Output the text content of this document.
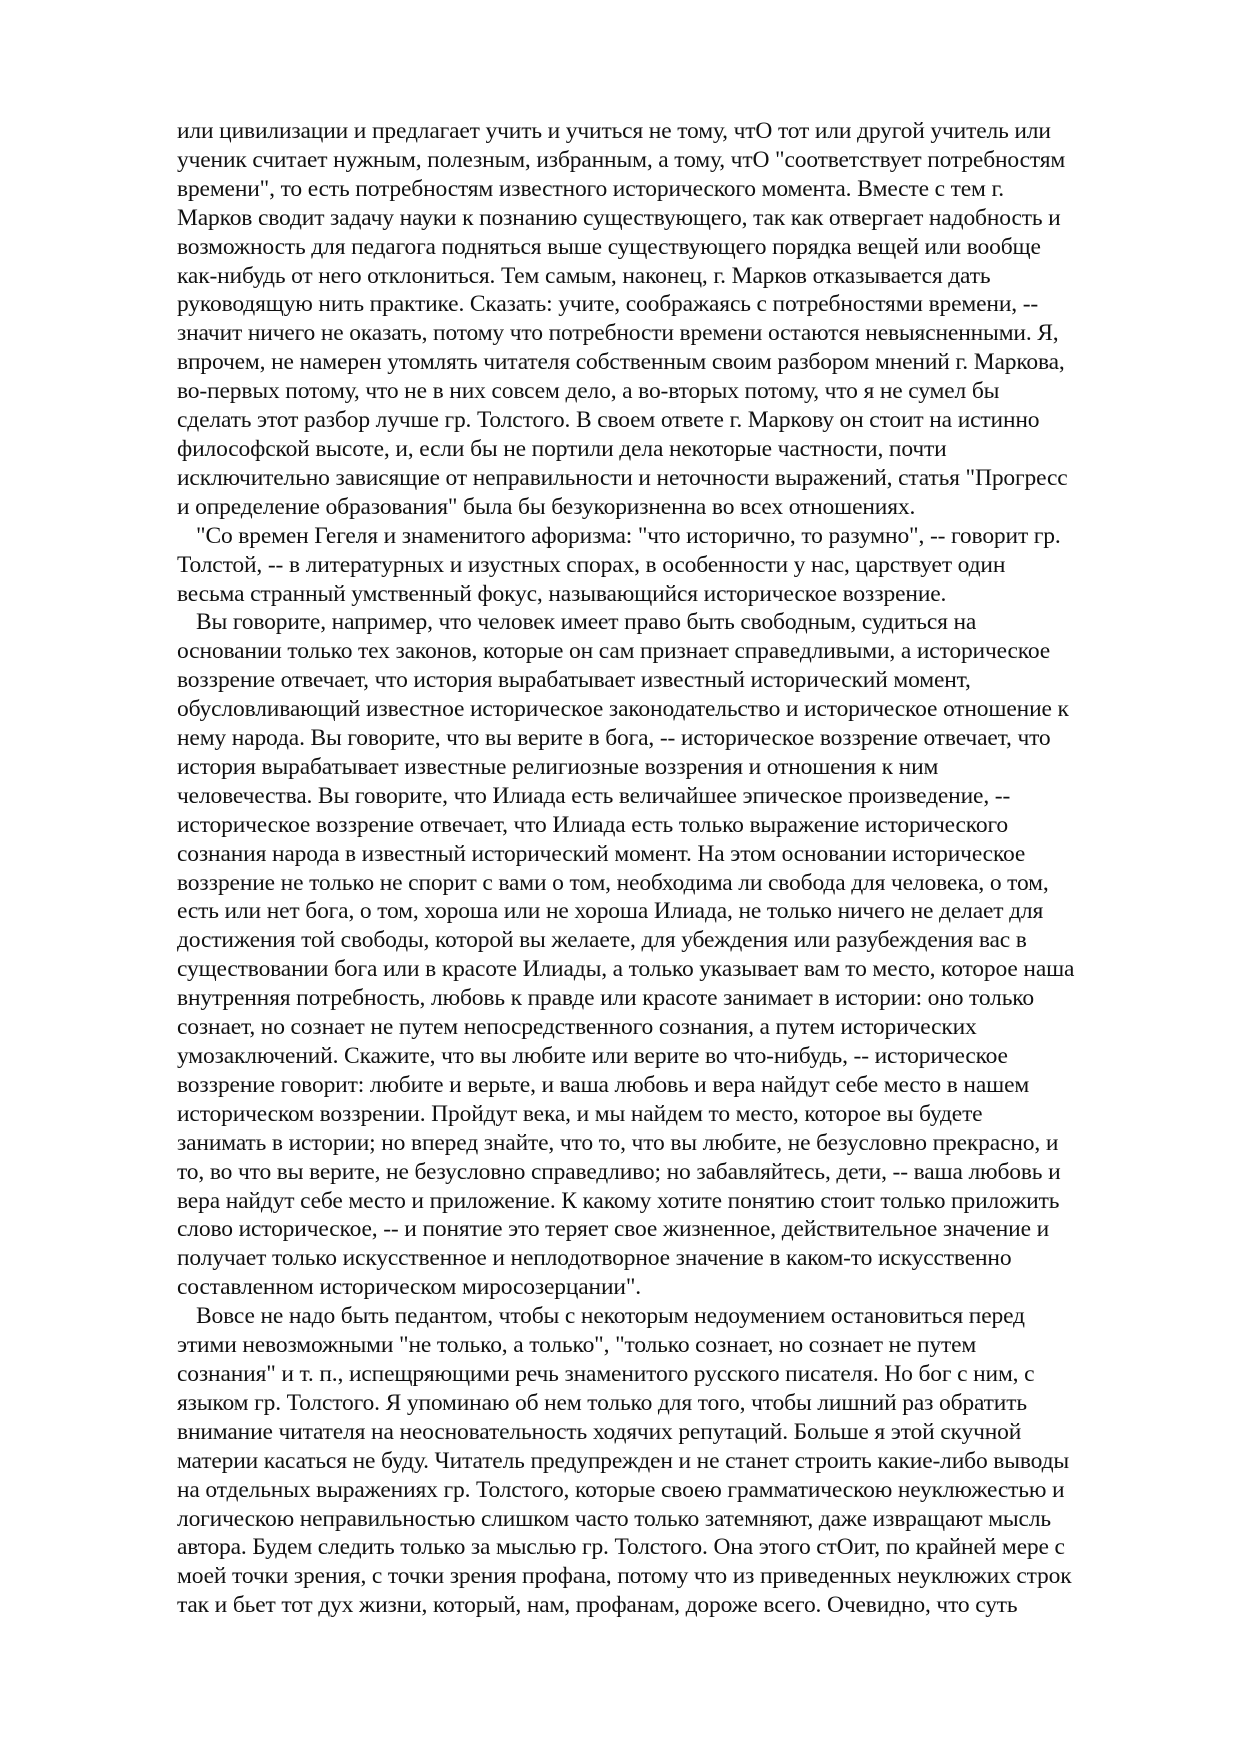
или цивилизации и предлагает учить и учиться не тому, чтО тот или другой учитель или
ученик считает нужным, полезным, избранным, а тому, чтО "соответствует потребностям
времени", то есть потребностям известного исторического момента. Вместе с тем г.
Марков сводит задачу науки к познанию существующего, так как отвергает надобность и
возможность для педагога подняться выше существующего порядка вещей или вообще
как-нибудь от него отклониться. Тем самым, наконец, г. Марков отказывается дать
руководящую нить практике. Сказать: учите, соображаясь с потребностями времени, --
значит ничего не оказать, потому что потребности времени остаются невыясненными. Я,
впрочем, не намерен утомлять читателя собственным своим разбором мнений г. Маркова,
во-первых потому, что не в них совсем дело, а во-вторых потому, что я не сумел бы
сделать этот разбор лучше гр. Толстого. В своем ответе г. Маркову он стоит на истинно
философской высоте, и, если бы не портили дела некоторые частности, почти
исключительно зависящие от неправильности и неточности выражений, статья "Прогресс
и определение образования" была бы безукоризненна во всех отношениях.
"Со времен Гегеля и знаменитого афоризма: "что исторично, то разумно", -- говорит гр.
Толстой, -- в литературных и изустных спорах, в особенности у нас, царствует один
весьма странный умственный фокус, называющийся историческое воззрение.
Вы говорите, например, что человек имеет право быть свободным, судиться на
основании только тех законов, которые он сам признает справедливыми, а историческое
воззрение отвечает, что история вырабатывает известный исторический момент,
обусловливающий известное историческое законодательство и историческое отношение к
нему народа. Вы говорите, что вы верите в бога, -- историческое воззрение отвечает, что
история вырабатывает известные религиозные воззрения и отношения к ним
человечества. Вы говорите, что Илиада есть величайшее эпическое произведение, --
историческое воззрение отвечает, что Илиада есть только выражение исторического
сознания народа в известный исторический момент. На этом основании историческое
воззрение не только не спорит с вами о том, необходима ли свобода для человека, о том,
есть или нет бога, о том, хороша или не хороша Илиада, не только ничего не делает для
достижения той свободы, которой вы желаете, для убеждения или разубеждения вас в
существовании бога или в красоте Илиады, а только указывает вам то место, которое наша
внутренняя потребность, любовь к правде или красоте занимает в истории: оно только
сознает, но сознает не путем непосредственного сознания, а путем исторических
умозаключений. Скажите, что вы любите или верите во что-нибудь, -- историческое
воззрение говорит: любите и верьте, и ваша любовь и вера найдут себе место в нашем
историческом воззрении. Пройдут века, и мы найдем то место, которое вы будете
занимать в истории; но вперед знайте, что то, что вы любите, не безусловно прекрасно, и
то, во что вы верите, не безусловно справедливо; но забавляйтесь, дети, -- ваша любовь и
вера найдут себе место и приложение. К какому хотите понятию стоит только приложить
слово историческое, -- и понятие это теряет свое жизненное, действительное значение и
получает только искусственное и неплодотворное значение в каком-то искусственно
составленном историческом миросозерцании".
Вовсе не надо быть педантом, чтобы с некоторым недоумением остановиться перед
этими невозможными "не только, а только", "только сознает, но сознает не путем
сознания" и т. п., испещряющими речь знаменитого русского писателя. Но бог с ним, с
языком гр. Толстого. Я упоминаю об нем только для того, чтобы лишний раз обратить
внимание читателя на неосновательность ходячих репутаций. Больше я этой скучной
материи касаться не буду. Читатель предупрежден и не станет строить какие-либо выводы
на отдельных выражениях гр. Толстого, которые своею грамматическою неуклюжестью и
логическою неправильностью слишком часто только затемняют, даже извращают мысль
автора. Будем следить только за мыслью гр. Толстого. Она этого стОит, по крайней мере с
моей точки зрения, с точки зрения профана, потому что из приведенных неуклюжих строк
так и бьет тот дух жизни, который, нам, профанам, дороже всего. Очевидно, что суть
